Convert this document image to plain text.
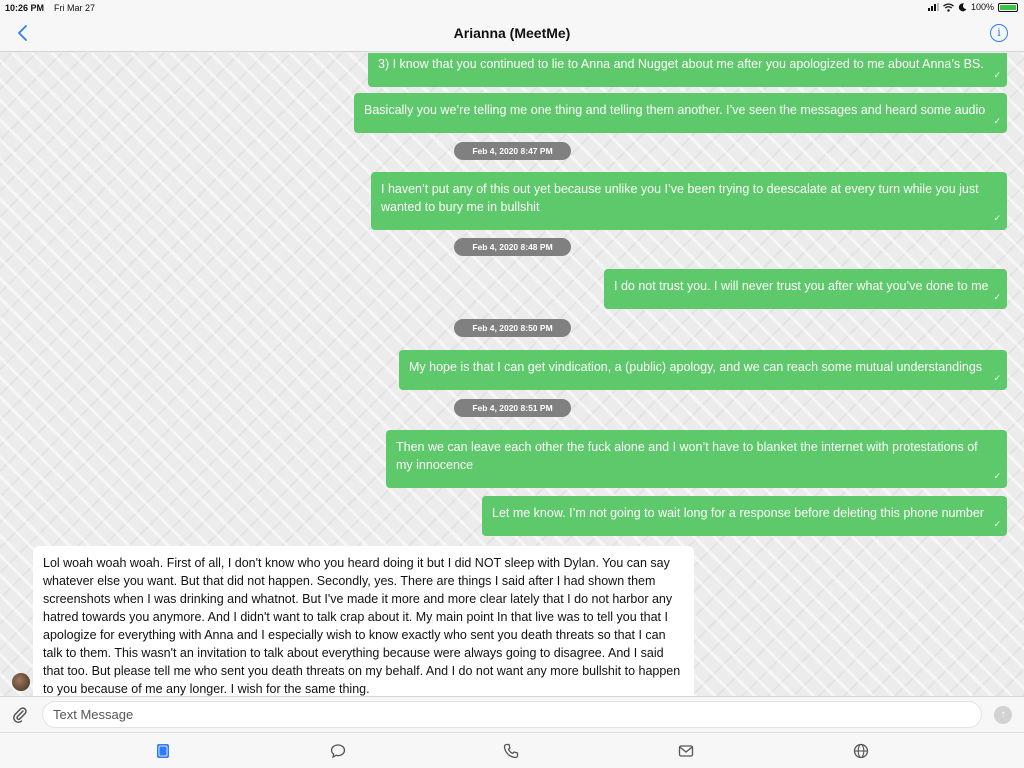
10:26 PM Fri Mar 27	100%
Arianna (MeetMe)	i
3) I know that you continued to lie to Anna and Nugget about me after you apologized to me about Anna’s BS.
✓
Basically you we’re telling me one thing and telling them another. I’ve seen the messages and heard some audio
✓
Feb 4, 2020 8:47 PM
I haven’t put any of this out yet because unlike you I’ve been trying to deescalate at every turn while you just wanted to bury me in bullshit
✓
Feb 4, 2020 8:48 PM
I do not trust you. I will never trust you after what you’ve done to me
✓
Feb 4, 2020 8:50 PM
My hope is that I can get vindication, a (public) apology, and we can reach some mutual understandings
✓
Feb 4, 2020 8:51 PM
Then we can leave each other the fuck alone and I won’t have to blanket the internet with protestations of my innocence
✓
Let me know. I’m not going to wait long for a response before deleting this phone number
✓
Lol woah woah woah. First of all, I don't know who you heard doing it but I did NOT sleep with Dylan. You can say whatever else you want. But that did not happen. Secondly, yes. There are things I said after I had shown them screenshots when I was drinking and whatnot. But I've made it more and more clear lately that I do not harbor any hatred towards you anymore. And I didn't want to talk crap about it. My main point In that live was to tell you that I apologize for everything with Anna and I especially wish to know exactly who sent you death threats so that I can talk to them. This wasn't an invitation to talk about everything because were always going to disagree. And I said that too. But please tell me who sent you death threats on my behalf. And I do not want any more bullshit to happen to you because of me any longer. I wish for the same thing.
Text Message
↑
